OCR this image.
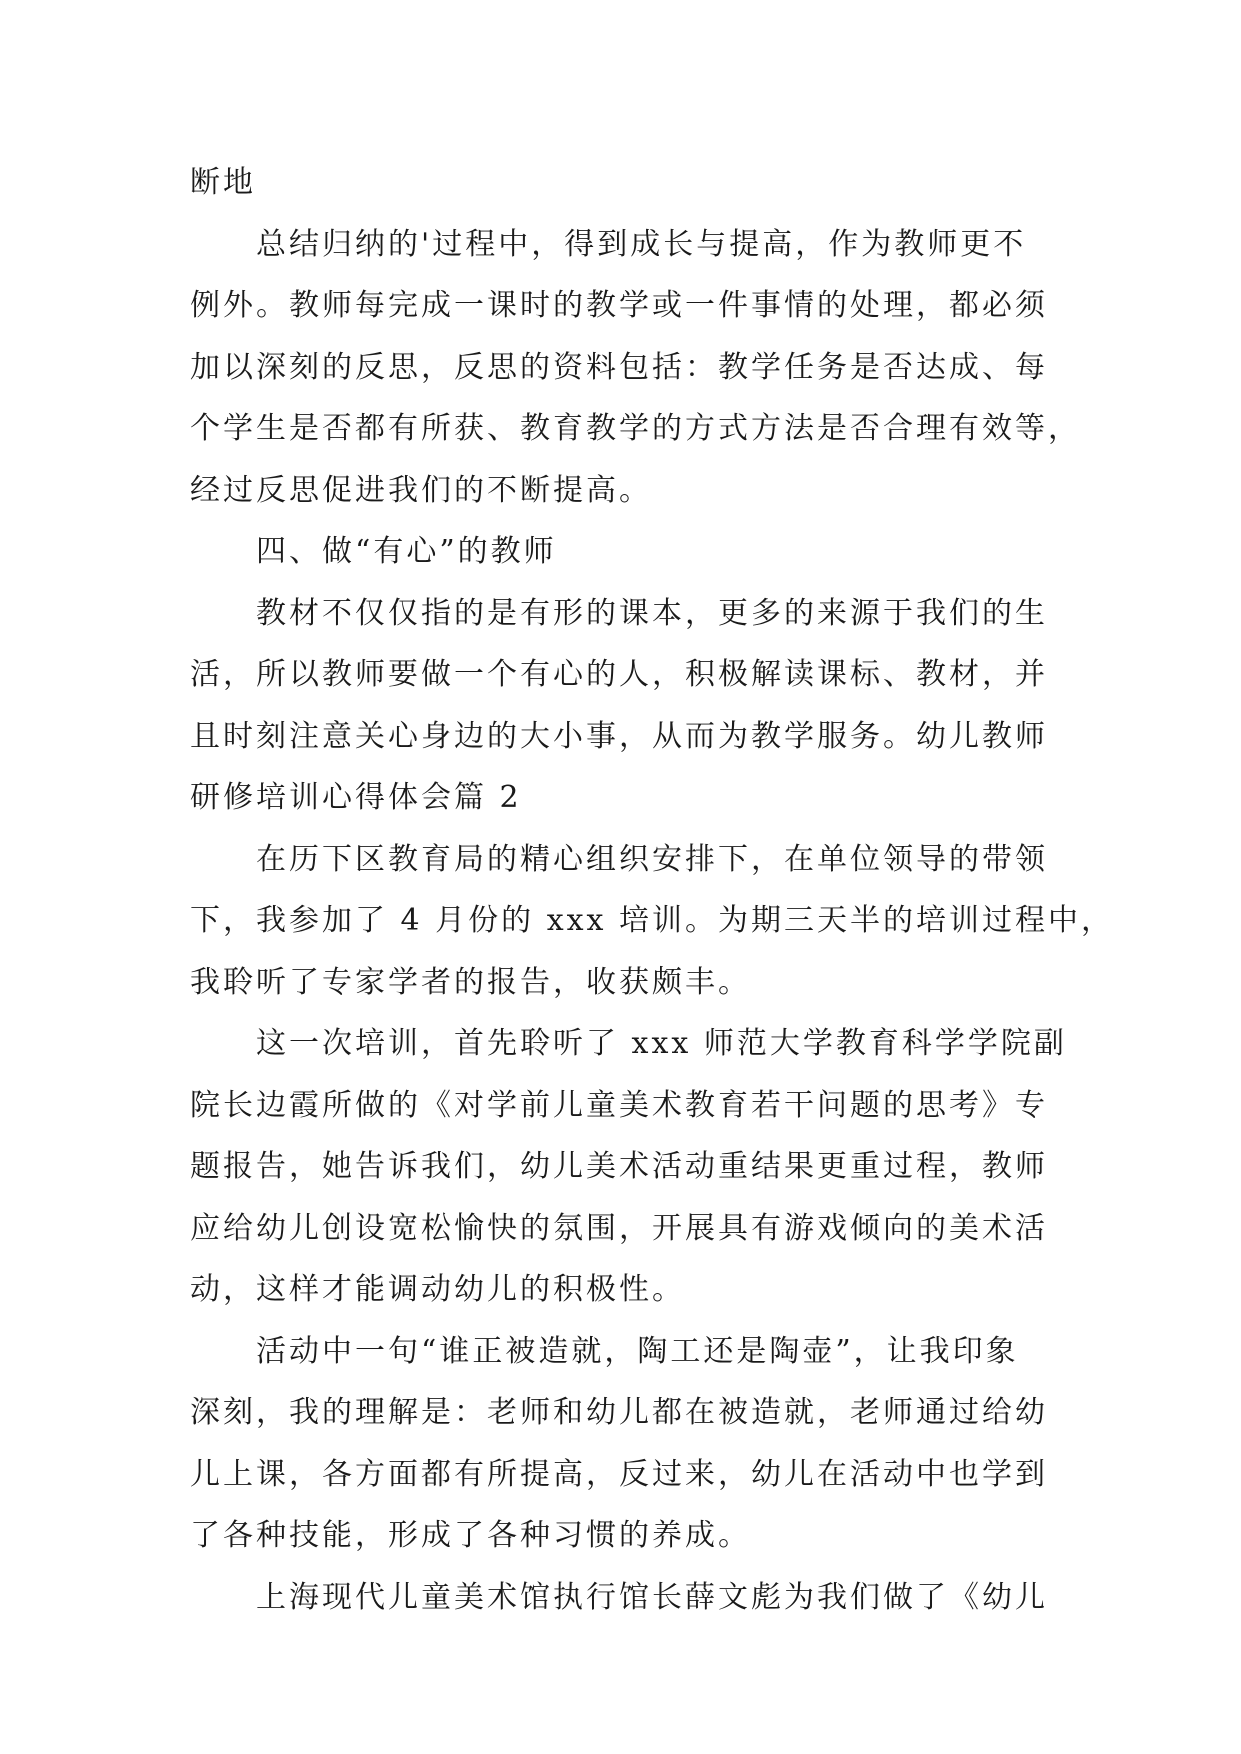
断地
总结归纳的'过程中，得到成长与提高，作为教师更不
例外。教师每完成一课时的教学或一件事情的处理，都必须
加以深刻的反思，反思的资料包括：教学任务是否达成、每
个学生是否都有所获、教育教学的方式方法是否合理有效等，
经过反思促进我们的不断提高。
四、做“有心”的教师
教材不仅仅指的是有形的课本，更多的来源于我们的生
活，所以教师要做一个有心的人，积极解读课标、教材，并
且时刻注意关心身边的大小事，从而为教学服务。幼儿教师
研修培训心得体会篇 2
在历下区教育局的精心组织安排下，在单位领导的带领
下，我参加了 4 月份的 xxx 培训。为期三天半的培训过程中，
我聆听了专家学者的报告，收获颇丰。
这一次培训，首先聆听了 xxx 师范大学教育科学学院副
院长边霞所做的《对学前儿童美术教育若干问题的思考》专
题报告，她告诉我们，幼儿美术活动重结果更重过程，教师
应给幼儿创设宽松愉快的氛围，开展具有游戏倾向的美术活
动，这样才能调动幼儿的积极性。
活动中一句“谁正被造就，陶工还是陶壶”，让我印象
深刻，我的理解是：老师和幼儿都在被造就，老师通过给幼
儿上课，各方面都有所提高，反过来，幼儿在活动中也学到
了各种技能，形成了各种习惯的养成。
上海现代儿童美术馆执行馆长薛文彪为我们做了《幼儿
